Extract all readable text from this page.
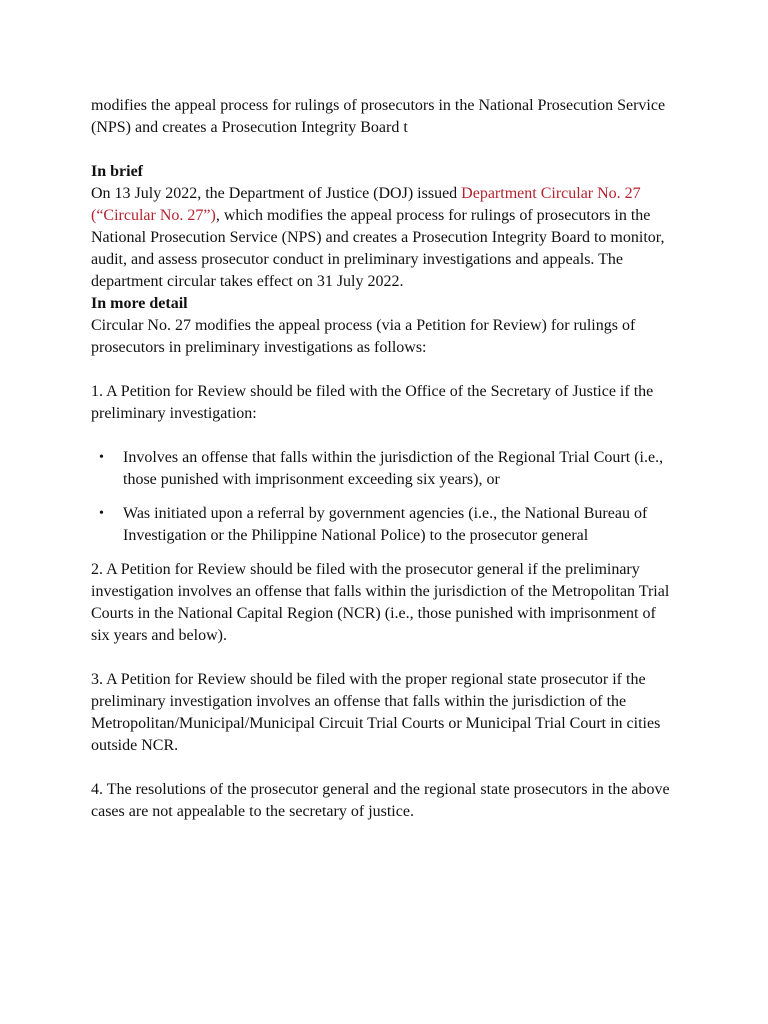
modifies the appeal process for rulings of prosecutors in the National Prosecution Service (NPS) and creates a Prosecution Integrity Board t

In brief

On 13 July 2022, the Department of Justice (DOJ) issued Department Circular No. 27 (“Circular No. 27”), which modifies the appeal process for rulings of prosecutors in the National Prosecution Service (NPS) and creates a Prosecution Integrity Board to monitor, audit, and assess prosecutor conduct in preliminary investigations and appeals. The department circular takes effect on 31 July 2022.

In more detail

Circular No. 27 modifies the appeal process (via a Petition for Review) for rulings of prosecutors in preliminary investigations as follows:

1. A Petition for Review should be filed with the Office of the Secretary of Justice if the preliminary investigation:

• Involves an offense that falls within the jurisdiction of the Regional Trial Court (i.e., those punished with imprisonment exceeding six years), or
• Was initiated upon a referral by government agencies (i.e., the National Bureau of Investigation or the Philippine National Police) to the prosecutor general

2. A Petition for Review should be filed with the prosecutor general if the preliminary investigation involves an offense that falls within the jurisdiction of the Metropolitan Trial Courts in the National Capital Region (NCR) (i.e., those punished with imprisonment of six years and below).

3. A Petition for Review should be filed with the proper regional state prosecutor if the preliminary investigation involves an offense that falls within the jurisdiction of the Metropolitan/Municipal/Municipal Circuit Trial Courts or Municipal Trial Court in cities outside NCR.

4. The resolutions of the prosecutor general and the regional state prosecutors in the above cases are not appealable to the secretary of justice.
